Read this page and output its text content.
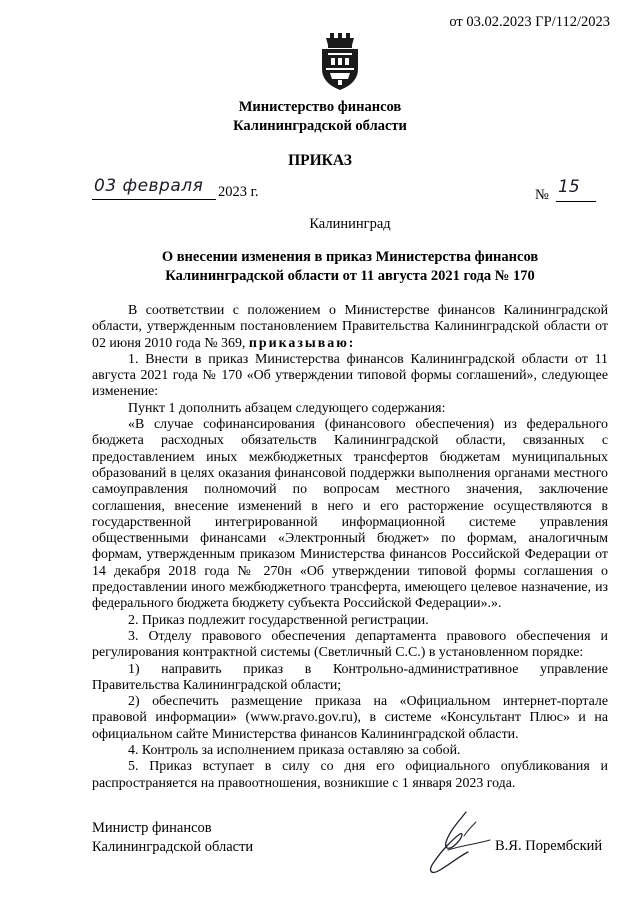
от 03.02.2023 ГР/112/2023
Министерство финансов
Калининградской области
ПРИКАЗ
03 февраля 2023 г.	№ 15
Калининград
О внесении изменения в приказ Министерства финансов
Калининградской области от 11 августа 2021 года № 170

В соответствии с положением о Министерстве финансов Калининградской области, утвержденным постановлением Правительства Калининградской области от 02 июня 2010 года № 369, приказываю:

1. Внести в приказ Министерства финансов Калининградской области от 11 августа 2021 года № 170 «Об утверждении типовой формы соглашений», следующее изменение:

Пункт 1 дополнить абзацем следующего содержания:

«В случае софинансирования (финансового обеспечения) из федерального бюджета расходных обязательств Калининградской области, связанных с предоставлением иных межбюджетных трансфертов бюджетам муниципальных образований в целях оказания финансовой поддержки выполнения органами местного самоуправления полномочий по вопросам местного значения, заключение соглашения, внесение изменений в него и его расторжение осуществляются в государственной интегрированной информационной системе управления общественными финансами «Электронный бюджет» по формам, аналогичным формам, утвержденным приказом Министерства финансов Российской Федерации от 14 декабря 2018 года № 270н «Об утверждении типовой формы соглашения о предоставлении иного межбюджетного трансферта, имеющего целевое назначение, из федерального бюджета бюджету субъекта Российской Федерации».».

2. Приказ подлежит государственной регистрации.

3. Отделу правового обеспечения департамента правового обеспечения и регулирования контрактной системы (Светличный С.С.) в установленном порядке:

1) направить приказ в Контрольно-административное управление Правительства Калининградской области;

2) обеспечить размещение приказа на «Официальном интернет-портале правовой информации» (www.pravo.gov.ru), в системе «Консультант Плюс» и на официальном сайте Министерства финансов Калининградской области.

4. Контроль за исполнением приказа оставляю за собой.

5. Приказ вступает в силу со дня его официального опубликования и распространяется на правоотношения, возникшие с 1 января 2023 года.

Министр финансов
Калининградской области	В.Я. Порембский
